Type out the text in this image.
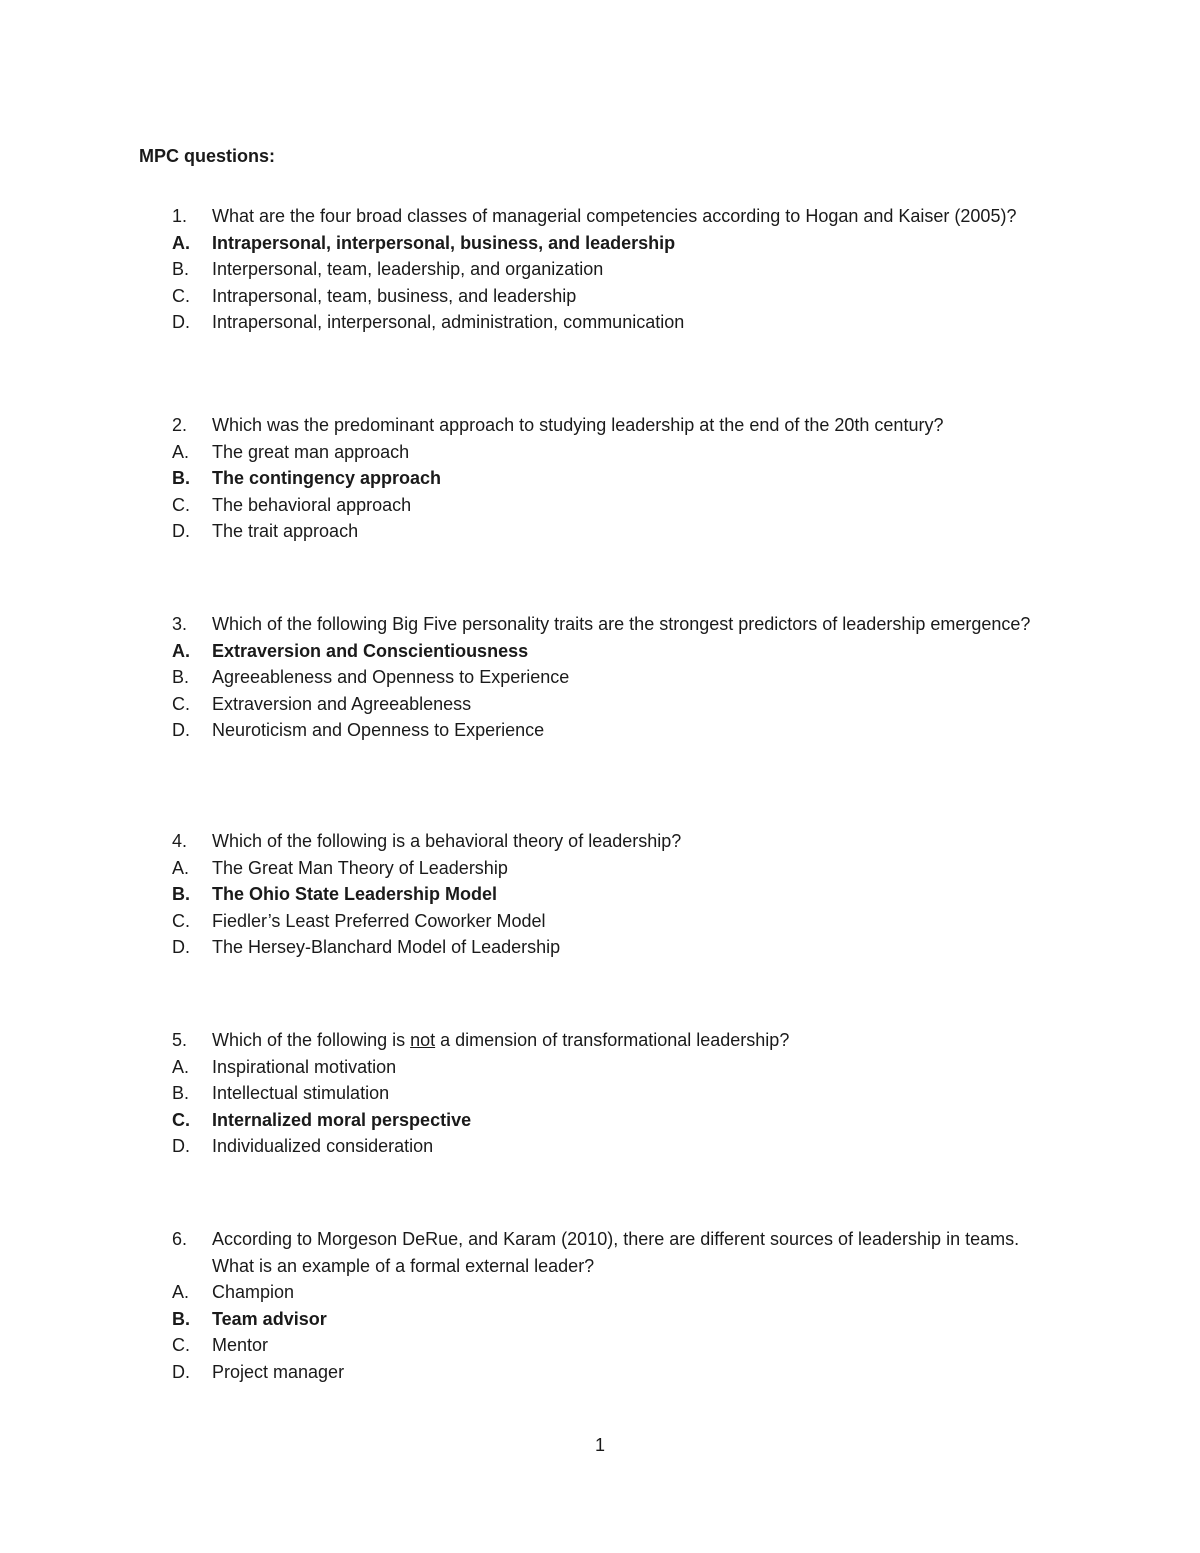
MPC questions:
1.	What are the four broad classes of managerial competencies according to Hogan and Kaiser (2005)?
A.	Intrapersonal, interpersonal, business, and leadership
B.	Interpersonal, team, leadership, and organization
C.	Intrapersonal, team, business, and leadership
D.	Intrapersonal, interpersonal, administration, communication
2.	Which was the predominant approach to studying leadership at the end of the 20th century?
A.	The great man approach
B.	The contingency approach
C.	The behavioral approach
D.	The trait approach
3.	Which of the following Big Five personality traits are the strongest predictors of leadership emergence?
A.	Extraversion and Conscientiousness
B.	Agreeableness and Openness to Experience
C.	Extraversion and Agreeableness
D.	Neuroticism and Openness to Experience
4.	Which of the following is a behavioral theory of leadership?
A.	The Great Man Theory of Leadership
B.	The Ohio State Leadership Model
C.	Fiedler’s Least Preferred Coworker Model
D.	The Hersey-Blanchard Model of Leadership
5.	Which of the following is not a dimension of transformational leadership?
A.	Inspirational motivation
B.	Intellectual stimulation
C.	Internalized moral perspective
D.	Individualized consideration
6.	According to Morgeson DeRue, and Karam (2010), there are different sources of leadership in teams. What is an example of a formal external leader?
A.	Champion
B.	Team advisor
C.	Mentor
D.	Project manager
1
